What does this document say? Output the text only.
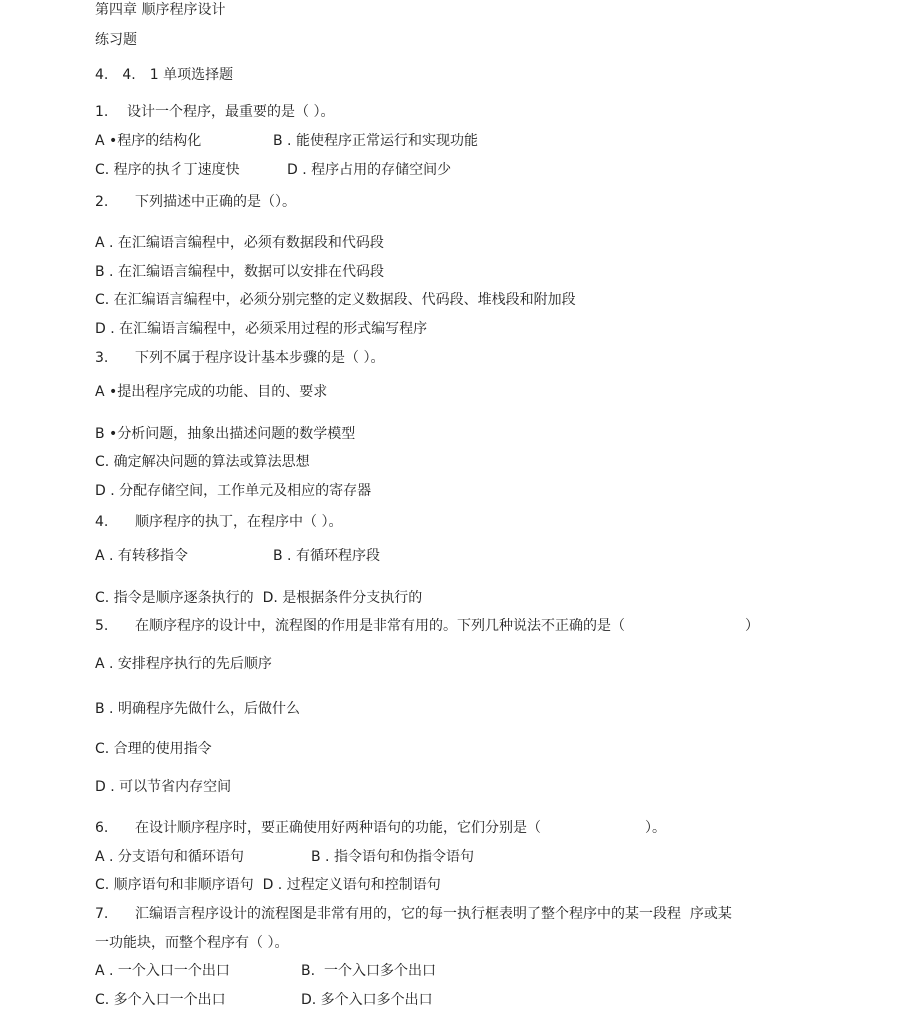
第四章 顺序程序设计
练习题
4.　4.　1 单项选择题
1. 设计一个程序，最重要的是（ ）。
A •程序的结构化	B . 能使程序正常运行和实现功能
C. 程序的执彳丁速度快	D . 程序占用的存储空间少
2. 下列描述中正确的是（）。
A . 在汇编语言编程中，必须有数据段和代码段
B . 在汇编语言编程中，数据可以安排在代码段
C. 在汇编语言编程中，必须分别完整的定义数据段、代码段、堆栈段和附加段
D . 在汇编语言编程中，必须采用过程的形式编写程序
3. 下列不属于程序设计基本步骤的是（ ）。
A •提出程序完成的功能、目的、要求
B •分析问题，抽象出描述问题的数学模型
C. 确定解决问题的算法或算法思想
D . 分配存储空间，工作单元及相应的寄存器
4. 顺序程序的执丁，在程序中（ ）。
A . 有转移指令	B . 有循环程序段
C. 指令是顺序逐条执行的  D. 是根据条件分支执行的
5. 在顺序程序的设计中，流程图的作用是非常有用的。下列几种说法不正确的是（	）
A . 安排程序执行的先后顺序
B . 明确程序先做什么，后做什么
C. 合理的使用指令
D . 可以节省内存空间
6. 在设计顺序程序时，要正确使用好两种语句的功能，它们分别是（	）。
A . 分支语句和循环语句	B . 指令语句和伪指令语句
C. 顺序语句和非顺序语句  D . 过程定义语句和控制语句
7. 汇编语言程序设计的流程图是非常有用的，它的每一执行框表明了整个程序中的某一段程  序或某
一功能块，而整个程序有（ ）。
A . 一个入口一个出口	B.  一个入口多个出口
C. 多个入口一个出口	D. 多个入口多个出口
